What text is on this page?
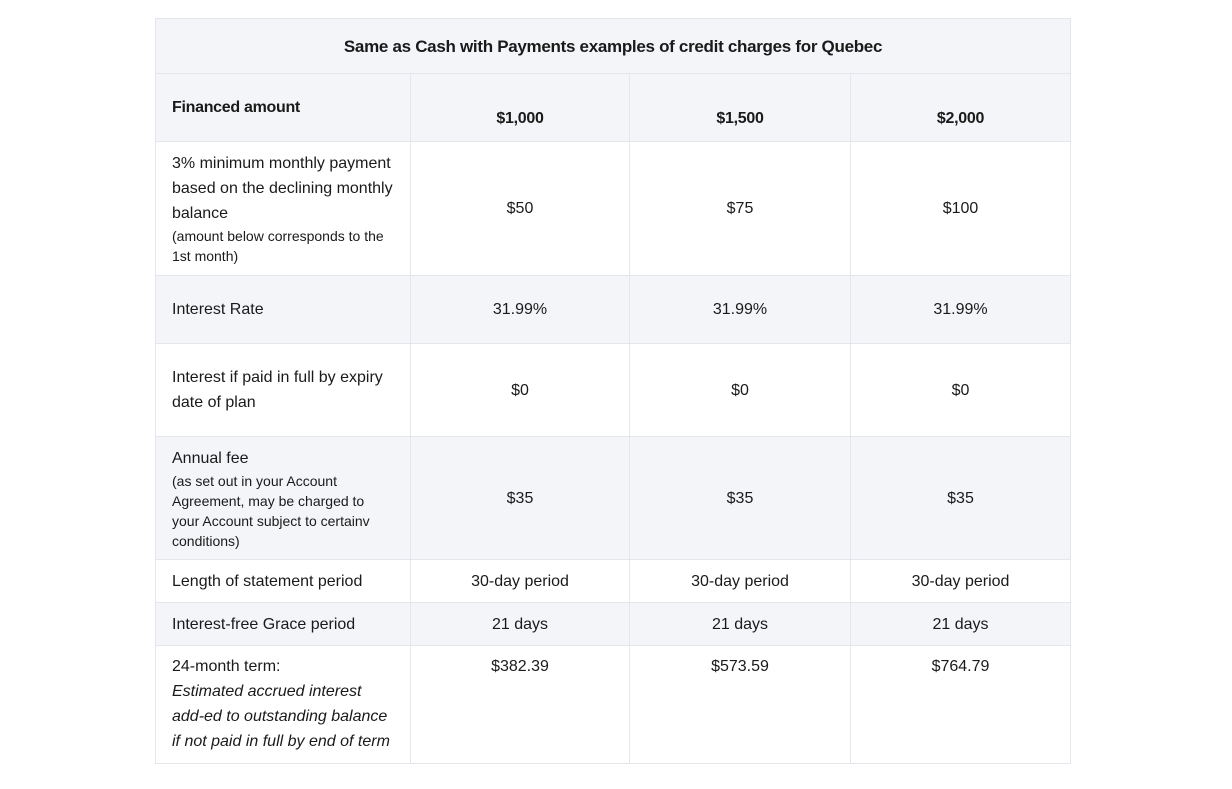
Same as Cash with Payments examples of credit charges for Quebec			
Financed amount	$1,000	$1,500	$2,000
3% minimum monthly payment based on the declining monthly balance
(amount below corresponds to the 1st month)	$50	$75	$100
Interest Rate	31.99%	31.99%	31.99%
Interest if paid in full by expiry date of plan	$0	$0	$0
Annual fee
(as set out in your Account Agreement, may be charged to your Account subject to certainv conditions)	$35	$35	$35
Length of statement period	30-day period	30-day period	30-day period
Interest-free Grace period	21 days	21 days	21 days
24-month term:
Estimated accrued interest add-ed to outstanding balance if not paid in full by end of term	$382.39	$573.59	$764.79
